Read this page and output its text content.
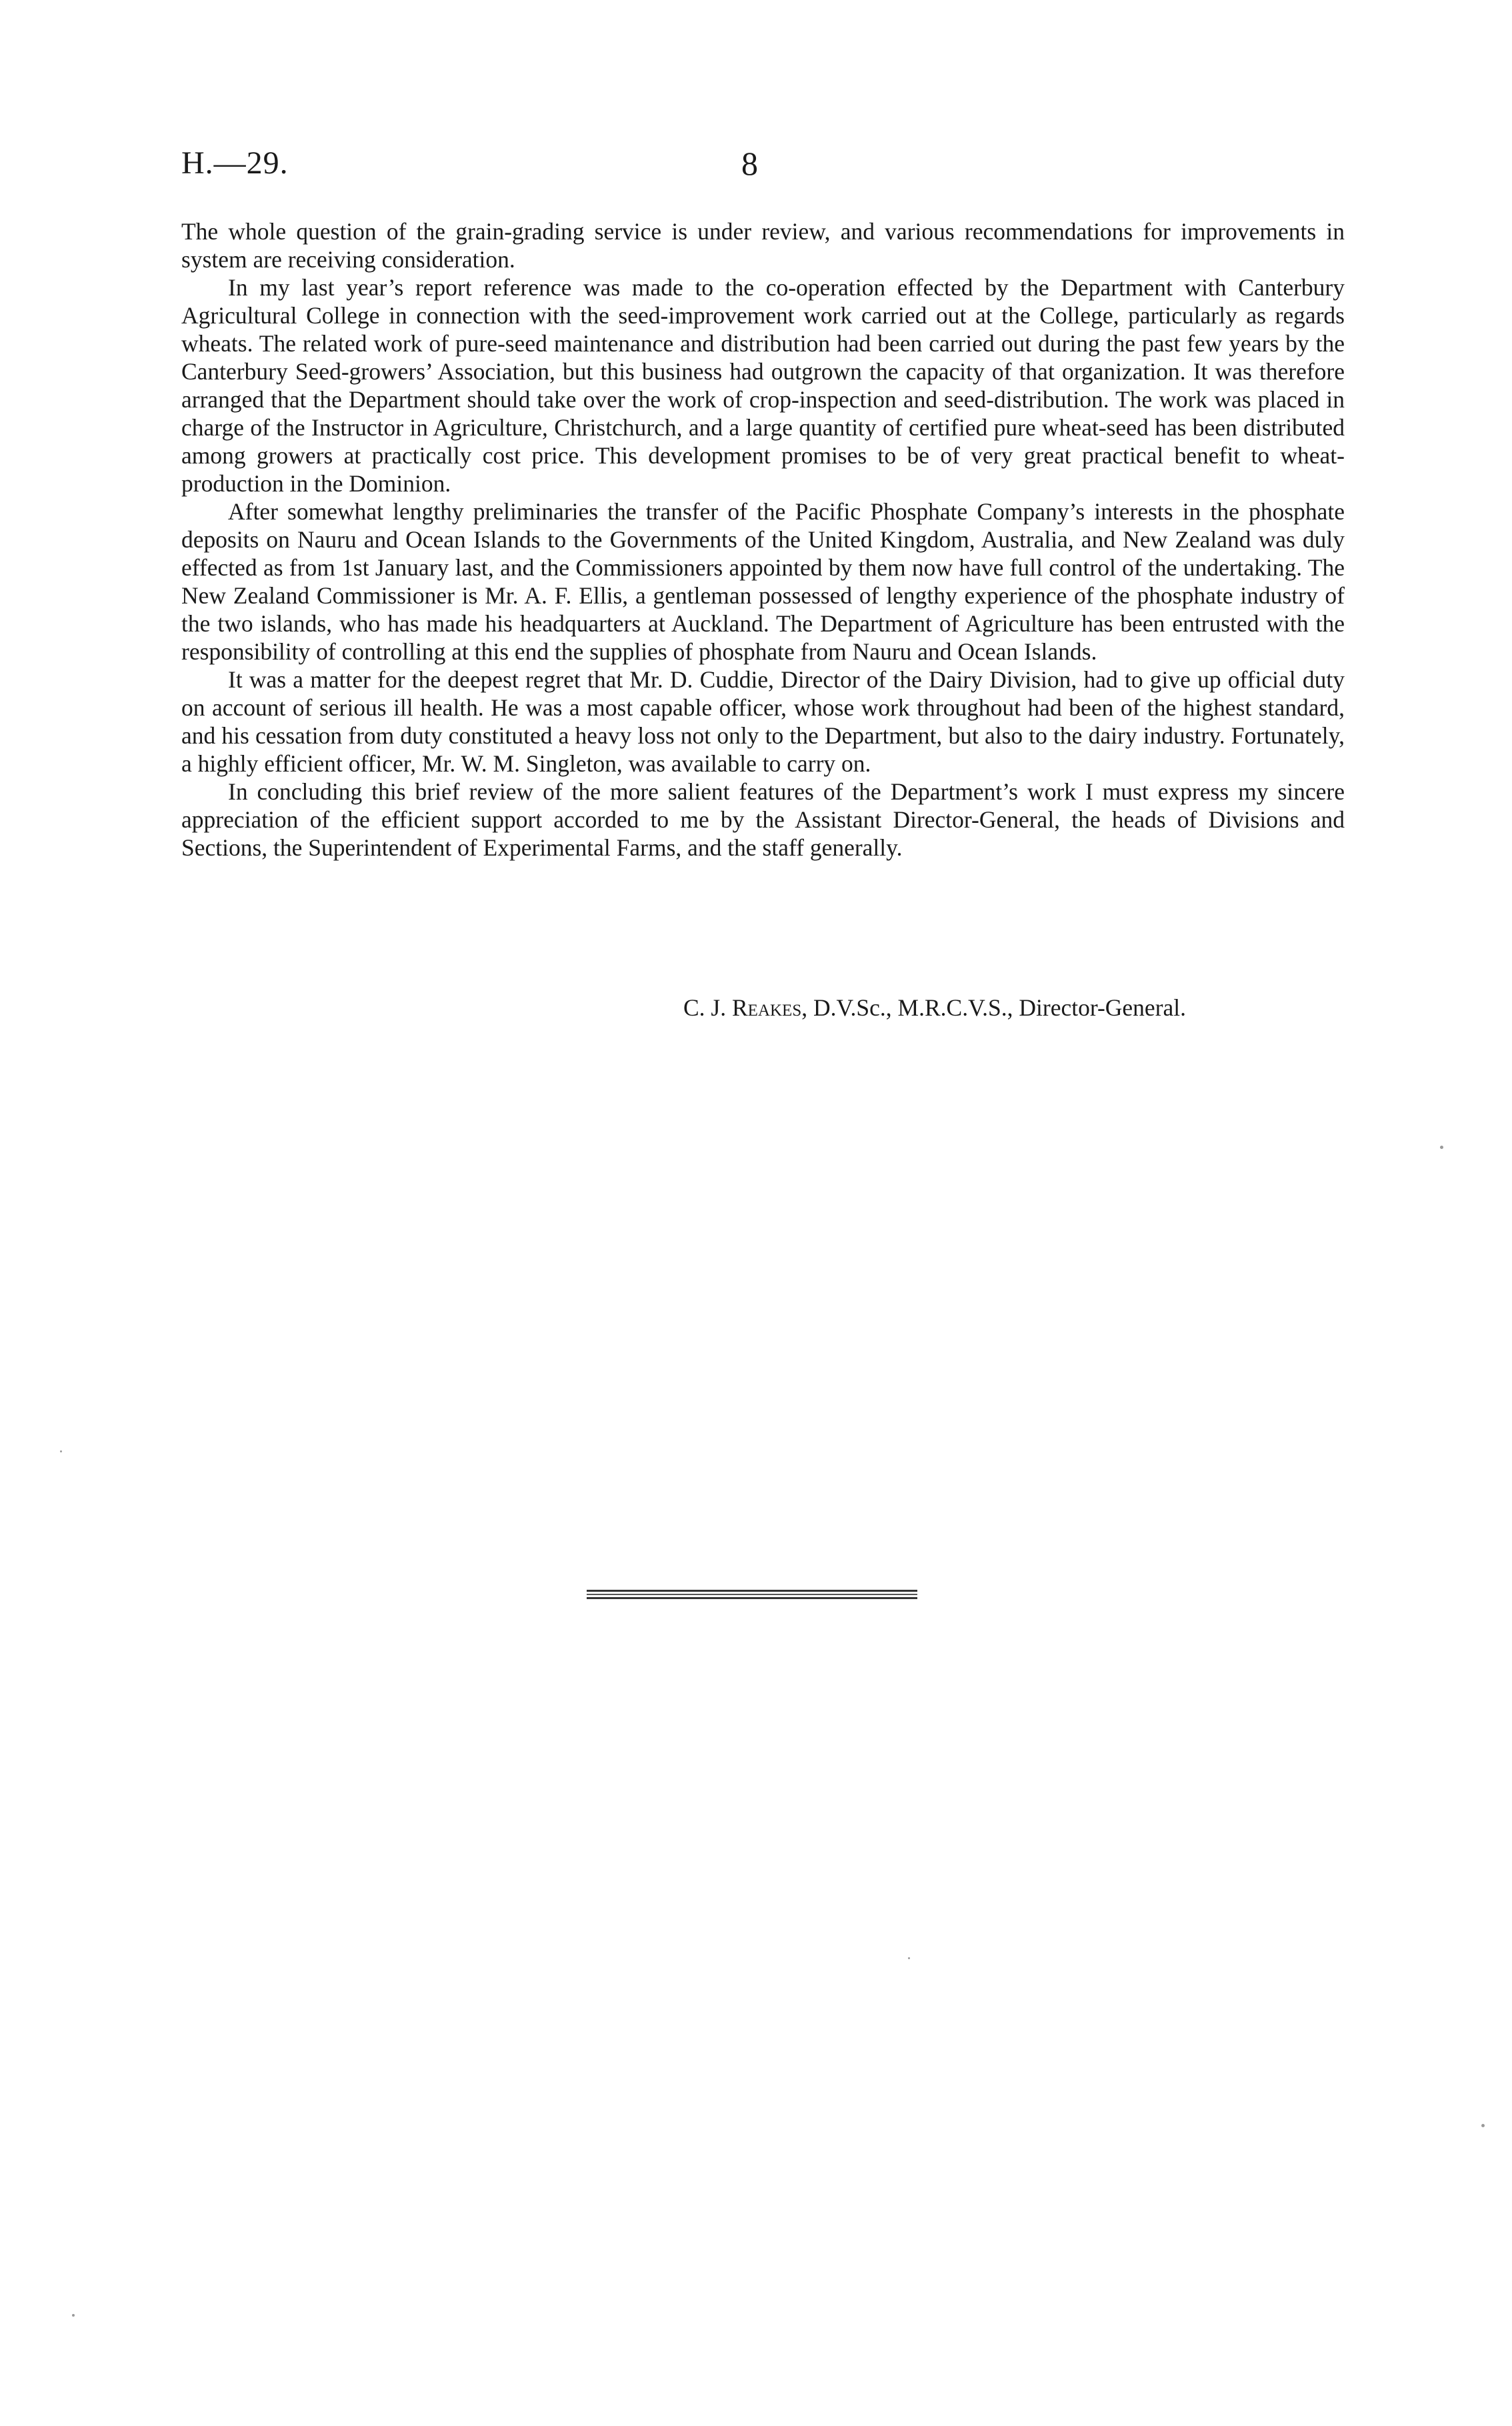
H.—29.	8

The whole question of the grain-grading service is under review, and various recommendations for improvements in system are receiving consideration.

In my last year’s report reference was made to the co-operation effected by the Department with Canterbury Agricultural College in connection with the seed-improvement work carried out at the College, particularly as regards wheats. The related work of pure-seed maintenance and distribution had been carried out during the past few years by the Canterbury Seed-growers’ Association, but this business had outgrown the capacity of that organization. It was therefore arranged that the Department should take over the work of crop-inspection and seed-distribution. The work was placed in charge of the Instructor in Agriculture, Christchurch, and a large quantity of certified pure wheat-seed has been distributed among growers at practically cost price. This development promises to be of very great practical benefit to wheat-production in the Dominion.

After somewhat lengthy preliminaries the transfer of the Pacific Phosphate Company’s interests in the phosphate deposits on Nauru and Ocean Islands to the Governments of the United Kingdom, Australia, and New Zealand was duly effected as from 1st January last, and the Commissioners appointed by them now have full control of the undertaking. The New Zealand Commissioner is Mr. A. F. Ellis, a gentleman possessed of lengthy experience of the phosphate industry of the two islands, who has made his headquarters at Auckland. The Department of Agriculture has been entrusted with the responsibility of controlling at this end the supplies of phosphate from Nauru and Ocean Islands.

It was a matter for the deepest regret that Mr. D. Cuddie, Director of the Dairy Division, had to give up official duty on account of serious ill health. He was a most capable officer, whose work throughout had been of the highest standard, and his cessation from duty constituted a heavy loss not only to the Department, but also to the dairy industry. Fortunately, a highly efficient officer, Mr. W. M. Singleton, was available to carry on.

In concluding this brief review of the more salient features of the Department’s work I must express my sincere appreciation of the efficient support accorded to me by the Assistant Director-General, the heads of Divisions and Sections, the Superintendent of Experimental Farms, and the staff generally.

C. J. Reakes, D.V.Sc., M.R.C.V.S., Director-General.
